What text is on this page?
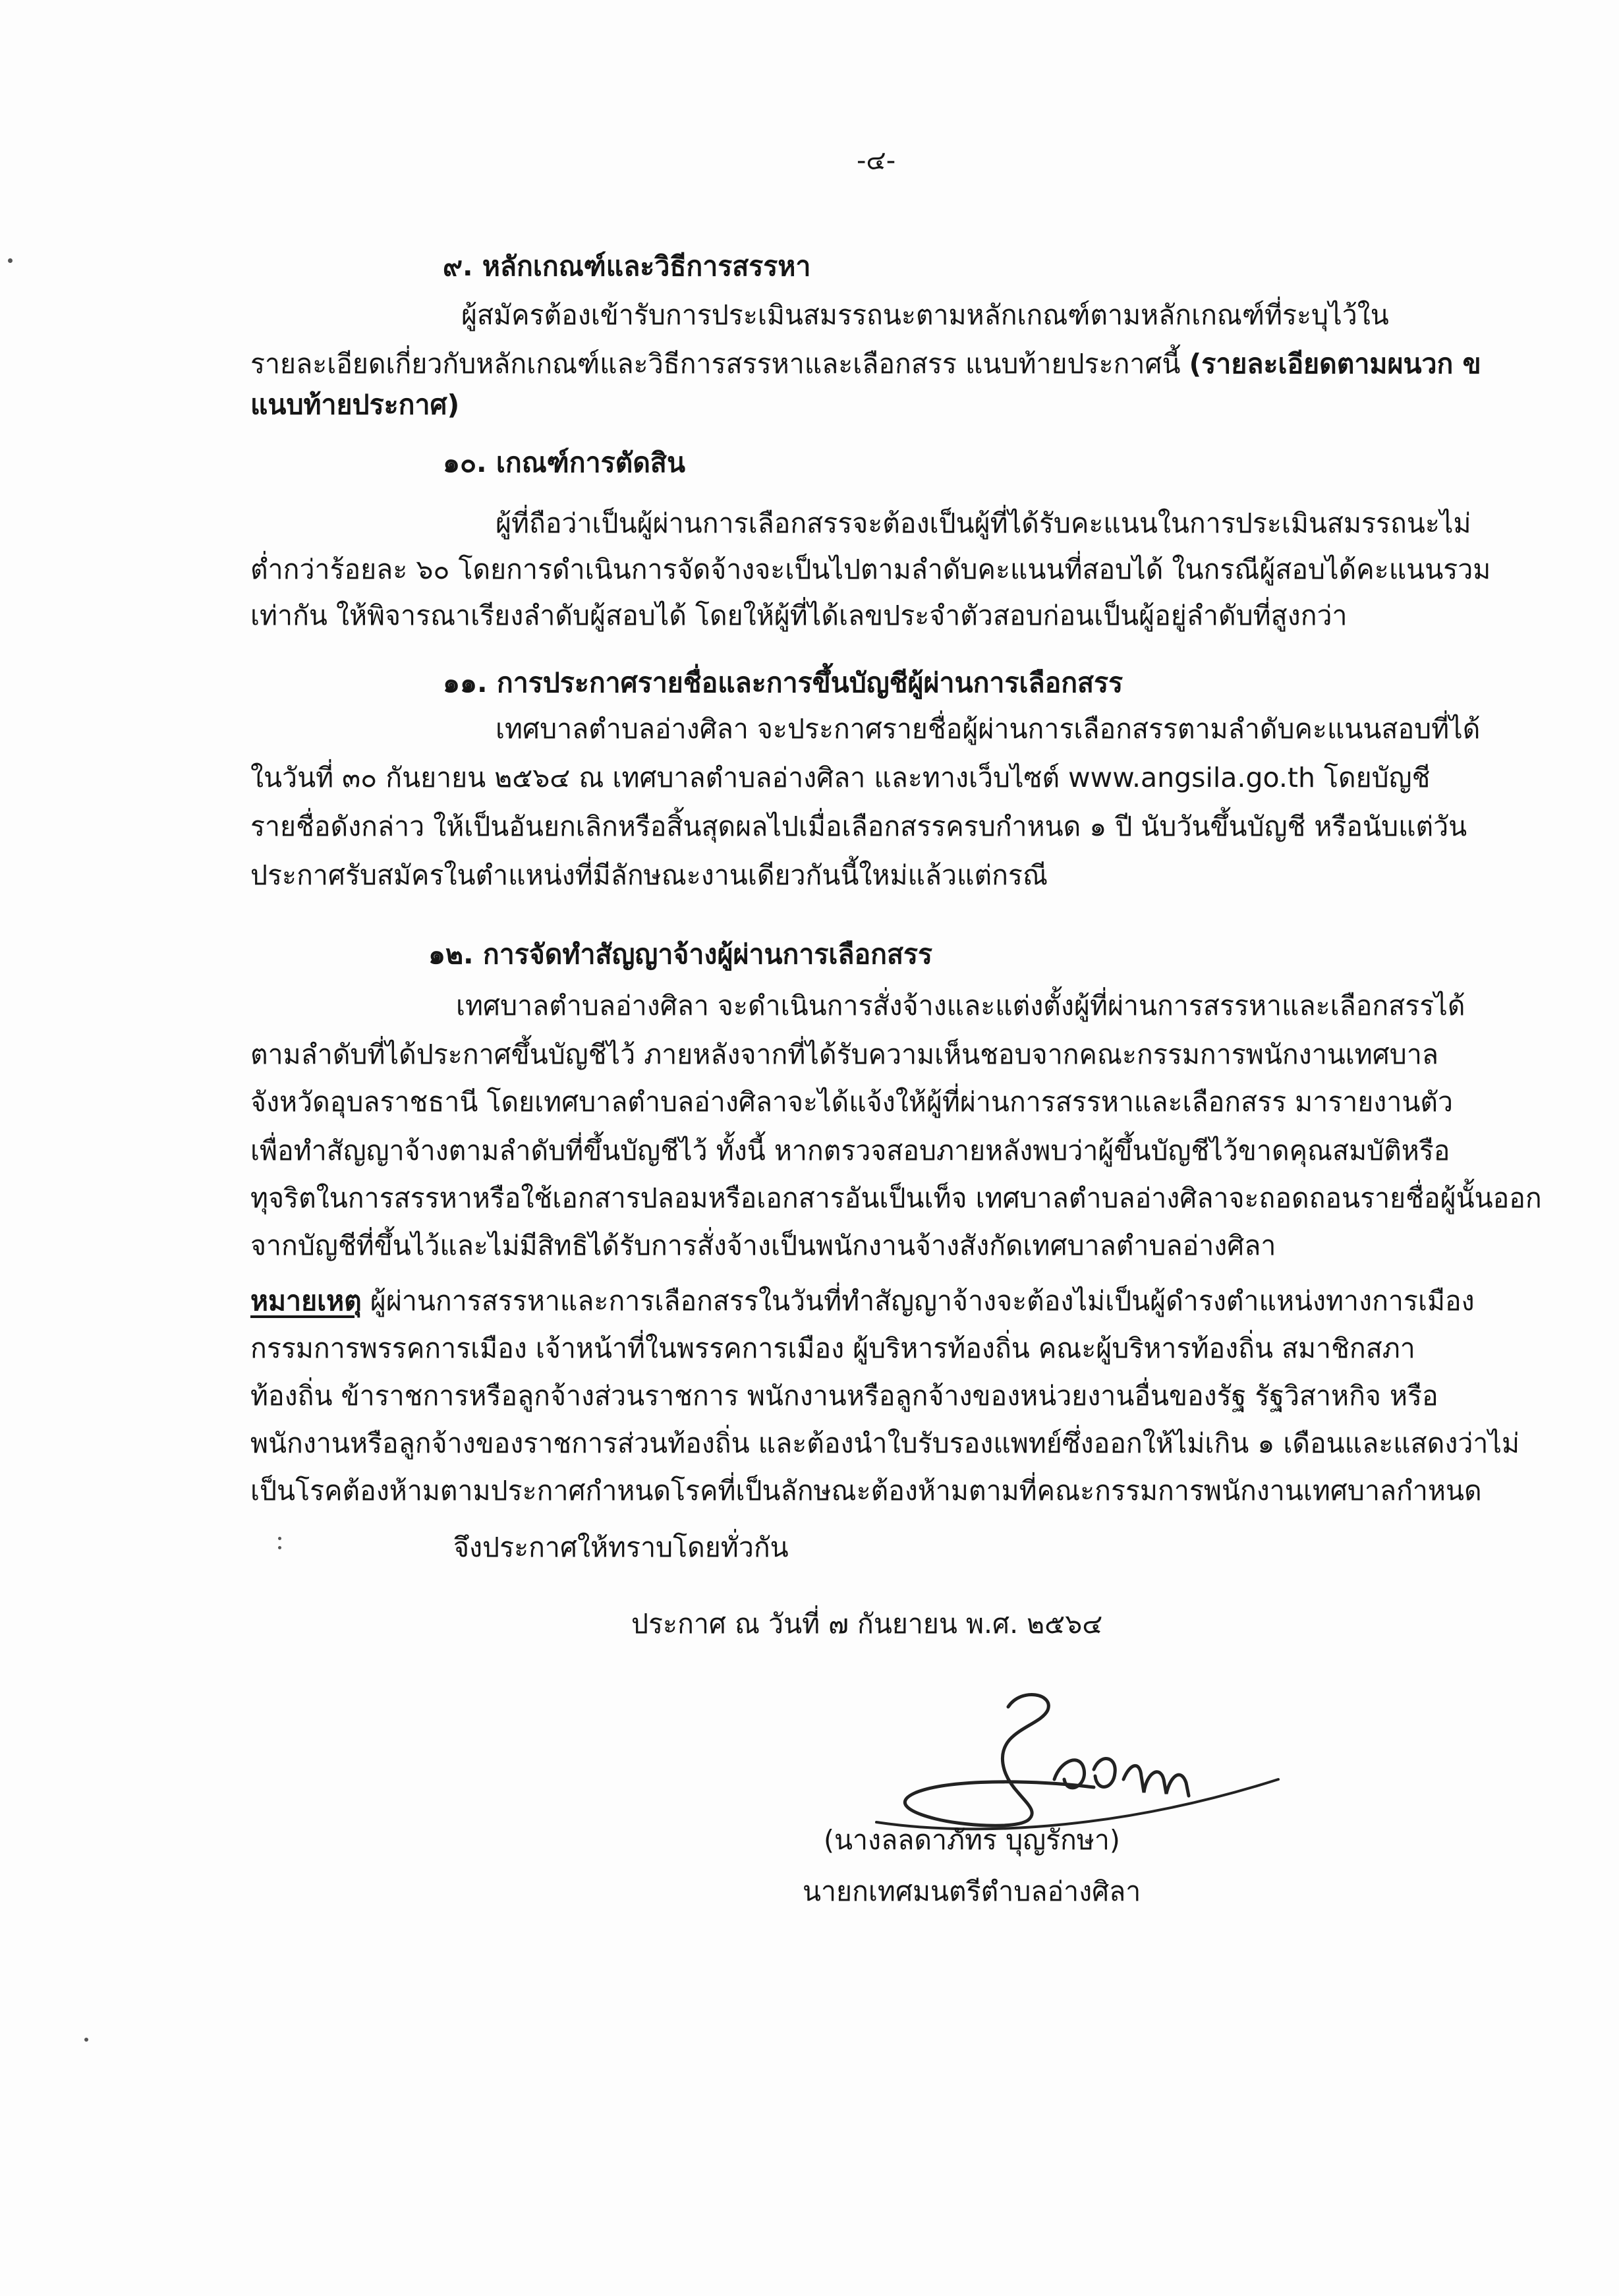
-๔-
๙. หลักเกณฑ์และวิธีการสรรหา
ผู้สมัครต้องเข้ารับการประเมินสมรรถนะตามหลักเกณฑ์ตามหลักเกณฑ์ที่ระบุไว้ใน
รายละเอียดเกี่ยวกับหลักเกณฑ์และวิธีการสรรหาและเลือกสรร แนบท้ายประกาศนี้ (รายละเอียดตามผนวก ข
แนบท้ายประกาศ)
๑๐. เกณฑ์การตัดสิน
ผู้ที่ถือว่าเป็นผู้ผ่านการเลือกสรรจะต้องเป็นผู้ที่ได้รับคะแนนในการประเมินสมรรถนะไม่
ต่ำกว่าร้อยละ ๖๐ โดยการดำเนินการจัดจ้างจะเป็นไปตามลำดับคะแนนที่สอบได้ ในกรณีผู้สอบได้คะแนนรวม
เท่ากัน ให้พิจารณาเรียงลำดับผู้สอบได้ โดยให้ผู้ที่ได้เลขประจำตัวสอบก่อนเป็นผู้อยู่ลำดับที่สูงกว่า
๑๑. การประกาศรายชื่อและการขึ้นบัญชีผู้ผ่านการเลือกสรร
เทศบาลตำบลอ่างศิลา จะประกาศรายชื่อผู้ผ่านการเลือกสรรตามลำดับคะแนนสอบที่ได้
ในวันที่ ๓๐ กันยายน ๒๕๖๔ ณ เทศบาลตำบลอ่างศิลา และทางเว็บไซต์ www.angsila.go.th โดยบัญชี
รายชื่อดังกล่าว ให้เป็นอันยกเลิกหรือสิ้นสุดผลไปเมื่อเลือกสรรครบกำหนด ๑ ปี นับวันขึ้นบัญชี หรือนับแต่วัน
ประกาศรับสมัครในตำแหน่งที่มีลักษณะงานเดียวกันนี้ใหม่แล้วแต่กรณี
๑๒. การจัดทำสัญญาจ้างผู้ผ่านการเลือกสรร
เทศบาลตำบลอ่างศิลา จะดำเนินการสั่งจ้างและแต่งตั้งผู้ที่ผ่านการสรรหาและเลือกสรรได้
ตามลำดับที่ได้ประกาศขึ้นบัญชีไว้ ภายหลังจากที่ได้รับความเห็นชอบจากคณะกรรมการพนักงานเทศบาล
จังหวัดอุบลราชธานี โดยเทศบาลตำบลอ่างศิลาจะได้แจ้งให้ผู้ที่ผ่านการสรรหาและเลือกสรร มารายงานตัว
เพื่อทำสัญญาจ้างตามลำดับที่ขึ้นบัญชีไว้ ทั้งนี้ หากตรวจสอบภายหลังพบว่าผู้ขึ้นบัญชีไว้ขาดคุณสมบัติหรือ
ทุจริตในการสรรหาหรือใช้เอกสารปลอมหรือเอกสารอันเป็นเท็จ เทศบาลตำบลอ่างศิลาจะถอดถอนรายชื่อผู้นั้นออก
จากบัญชีที่ขึ้นไว้และไม่มีสิทธิได้รับการสั่งจ้างเป็นพนักงานจ้างสังกัดเทศบาลตำบลอ่างศิลา
หมายเหตุ ผู้ผ่านการสรรหาและการเลือกสรรในวันที่ทำสัญญาจ้างจะต้องไม่เป็นผู้ดำรงตำแหน่งทางการเมือง
กรรมการพรรคการเมือง เจ้าหน้าที่ในพรรคการเมือง ผู้บริหารท้องถิ่น คณะผู้บริหารท้องถิ่น สมาชิกสภา
ท้องถิ่น ข้าราชการหรือลูกจ้างส่วนราชการ พนักงานหรือลูกจ้างของหน่วยงานอื่นของรัฐ รัฐวิสาหกิจ หรือ
พนักงานหรือลูกจ้างของราชการส่วนท้องถิ่น และต้องนำใบรับรองแพทย์ซึ่งออกให้ไม่เกิน ๑ เดือนและแสดงว่าไม่
เป็นโรคต้องห้ามตามประกาศกำหนดโรคที่เป็นลักษณะต้องห้ามตามที่คณะกรรมการพนักงานเทศบาลกำหนด
จึงประกาศให้ทราบโดยทั่วกัน
ประกาศ ณ วันที่ ๗ กันยายน พ.ศ. ๒๕๖๔
(นางลลดาภัทร บุญรักษา)
นายกเทศมนตรีตำบลอ่างศิลา
